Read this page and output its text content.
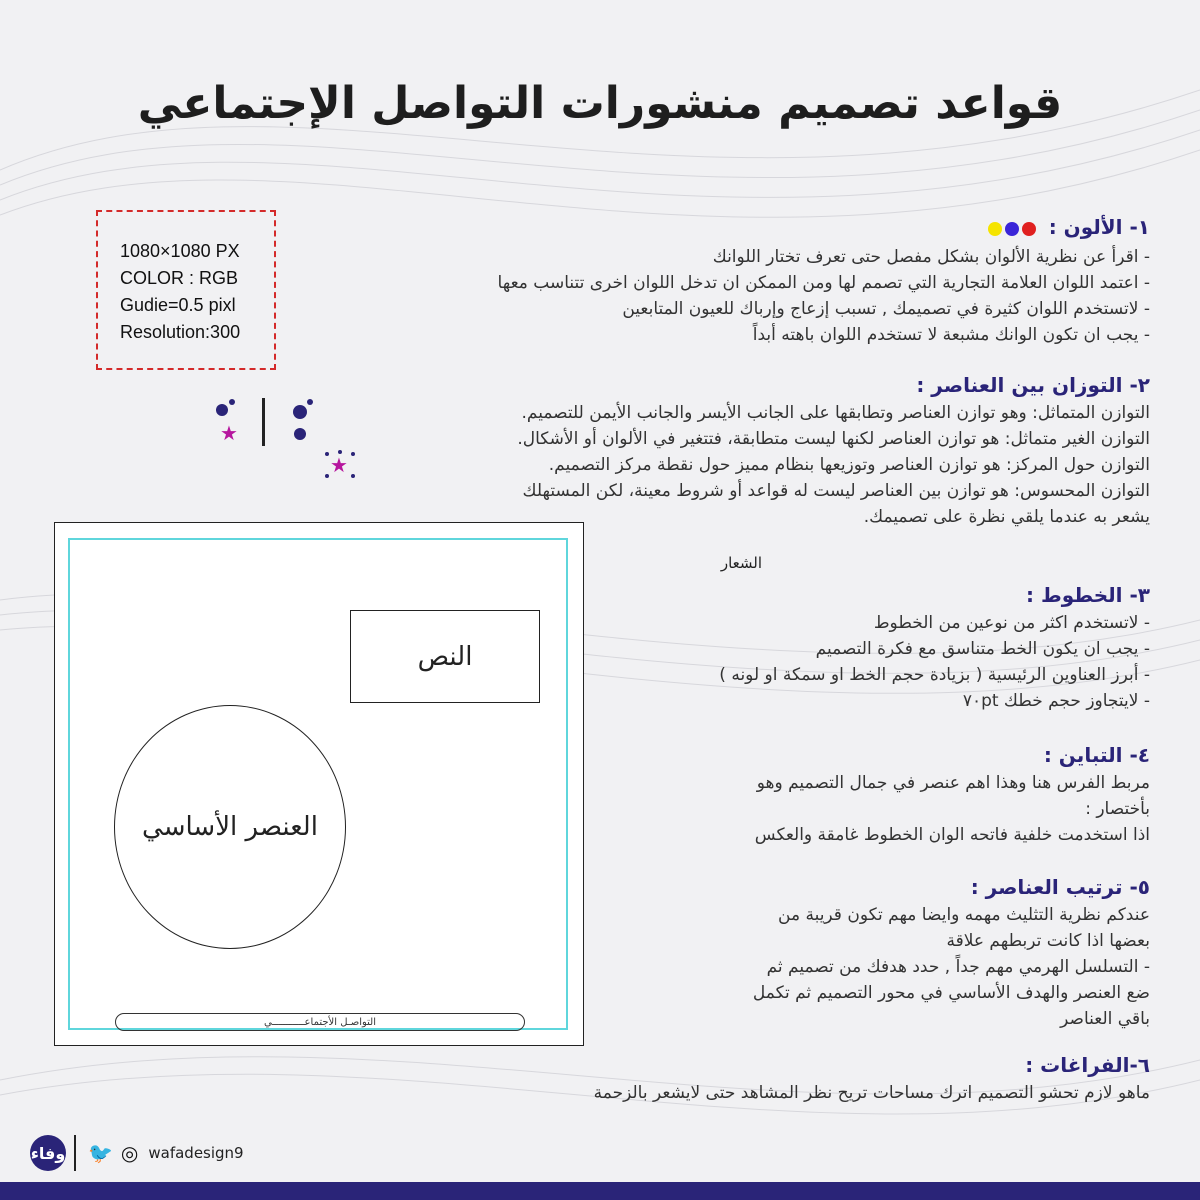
قواعد تصميم منشورات التواصل الإجتماعي
1080×1080 PX
COLOR : RGB
Gudie=0.5 pixl
Resolution:300

١- الألون :

- اقرأ عن نظرية الألوان بشكل مفصل حتى تعرف تختار اللوانك

- اعتمد اللوان العلامة التجارية التي تصمم لها ومن الممكن ان تدخل اللوان اخرى تتناسب معها

- لاتستخدم اللوان كثيرة في تصميمك , تسبب إزعاج وإرباك للعيون المتابعين

- يجب ان تكون الوانك مشبعة لا تستخدم اللوان باهته أبداً

٢- التوزان بين العناصر :

التوازن المتماثل: وهو توازن العناصر وتطابقها على الجانب الأيسر والجانب الأيمن للتصميم.

التوازن الغير متماثل: هو توازن العناصر لكنها ليست متطابقة، فتتغير في الألوان أو الأشكال.

التوازن حول المركز: هو توازن العناصر وتوزيعها بنظام مميز حول نقطة مركز التصميم.

التوازن المحسوس: هو توازن بين العناصر ليست له قواعد أو شروط معينة، لكن المستهلك

يشعر به عندما يلقي نظرة على تصميمك.

★
★

٣- الخطوط :

- لاتستخدم اكثر من نوعين من الخطوط

- يجب ان يكون الخط متناسق مع فكرة التصميم

- أبرز العناوين الرئيسية ( بزيادة حجم الخط او سمكة او لونه )

- لايتجاوز حجم خطك ٧٠pt

٤- التباين :

مربط الفرس هنا وهذا اهم عنصر في جمال التصميم وهو

بأختصار :

اذا استخدمت خلفية فاتحه الوان الخطوط غامقة والعكس

٥- ترتيب العناصر :

عندكم نظرية التثليث مهمه وايضا مهم تكون قريبة من

بعضها اذا كانت تربطهم علاقة

- التسلسل الهرمي مهم جداً , حدد هدفك من تصميم ثم

ضع العنصر والهدف الأساسي في محور التصميم ثم تكمل

باقي العناصر

٦-الفراغات :

ماهو لازم تحشو التصميم اترك مساحات تريح نظر المشاهد حتى لايشعر بالزحمة

الشعار
النص
العنصر الأساسي
التواصـل الأجتماعـــــــــــي
وفاء 🐦 ◎ wafadesign9
